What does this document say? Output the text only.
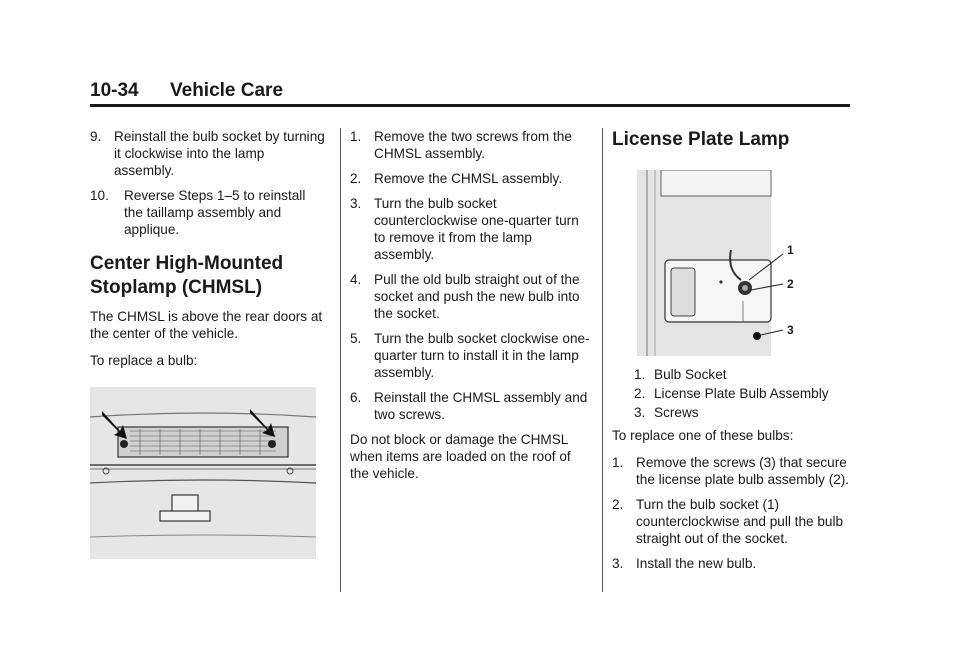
10-34 Vehicle Care
9. Reinstall the bulb socket by turning it clockwise into the lamp assembly.
10.	Reverse Steps 1–5 to reinstall the taillamp assembly and applique.
Center High-Mounted Stoplamp (CHMSL)
The CHMSL is above the rear doors at the center of the vehicle.
To replace a bulb:
1. Remove the two screws from the CHMSL assembly.
2. Remove the CHMSL assembly.
3. Turn the bulb socket counterclockwise one-quarter turn to remove it from the lamp assembly.
4. Pull the old bulb straight out of the socket and push the new bulb into the socket.
5. Turn the bulb socket clockwise one-quarter turn to install it in the lamp assembly.
6. Reinstall the CHMSL assembly and two screws.
Do not block or damage the CHMSL when items are loaded on the roof of the vehicle.
License Plate Lamp
1
2
3
1. Bulb Socket
2. License Plate Bulb Assembly
3. Screws
To replace one of these bulbs:
1. Remove the screws (3) that secure the license plate bulb assembly (2).
2. Turn the bulb socket (1) counterclockwise and pull the bulb straight out of the socket.
3. Install the new bulb.
